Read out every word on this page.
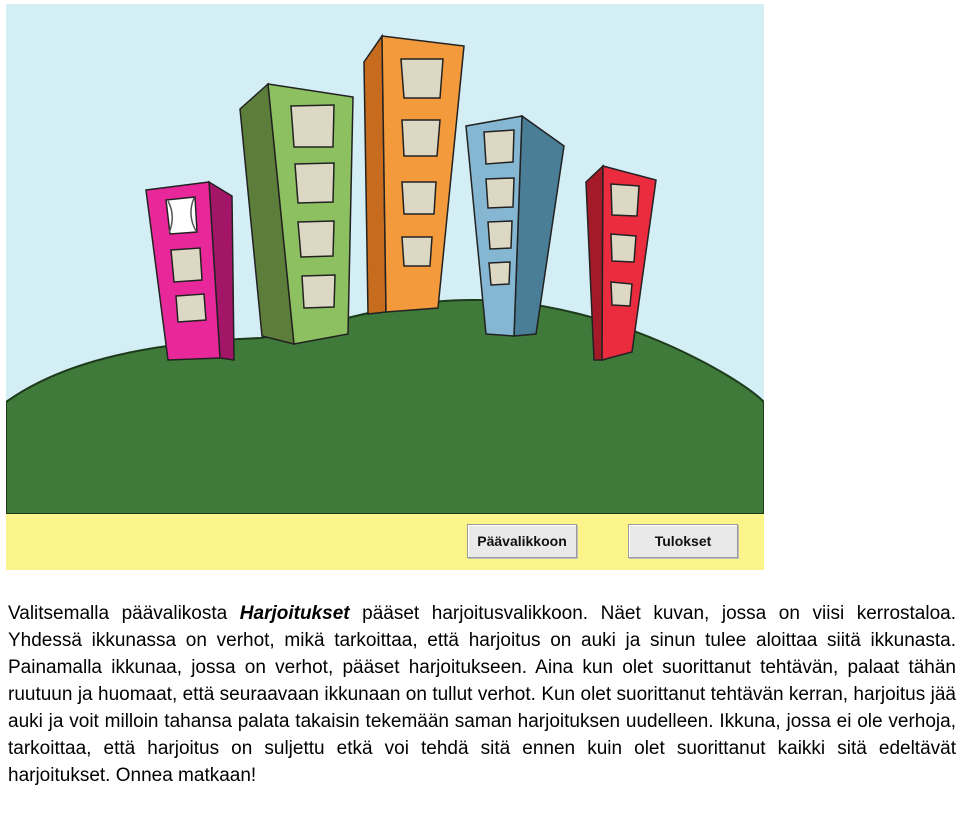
Päävalikkoon	Tulokset

Valitsemalla päävalikosta Harjoitukset pääset harjoitusvalikkoon. Näet kuvan, jossa on viisi kerrostaloa. Yhdessä ikkunassa on verhot, mikä tarkoittaa, että harjoitus on auki ja sinun tulee aloittaa siitä ikkunasta. Painamalla ikkunaa, jossa on verhot, pääset harjoitukseen. Aina kun olet suorittanut tehtävän, palaat tähän ruutuun ja huomaat, että seuraavaan ikkunaan on tullut verhot. Kun olet suorittanut tehtävän kerran, harjoitus jää auki ja voit milloin tahansa palata takaisin tekemään saman harjoituksen uudelleen. Ikkuna, jossa ei ole verhoja, tarkoittaa, että harjoitus on suljettu etkä voi tehdä sitä ennen kuin olet suorittanut kaikki sitä edeltävät harjoitukset. Onnea matkaan!
